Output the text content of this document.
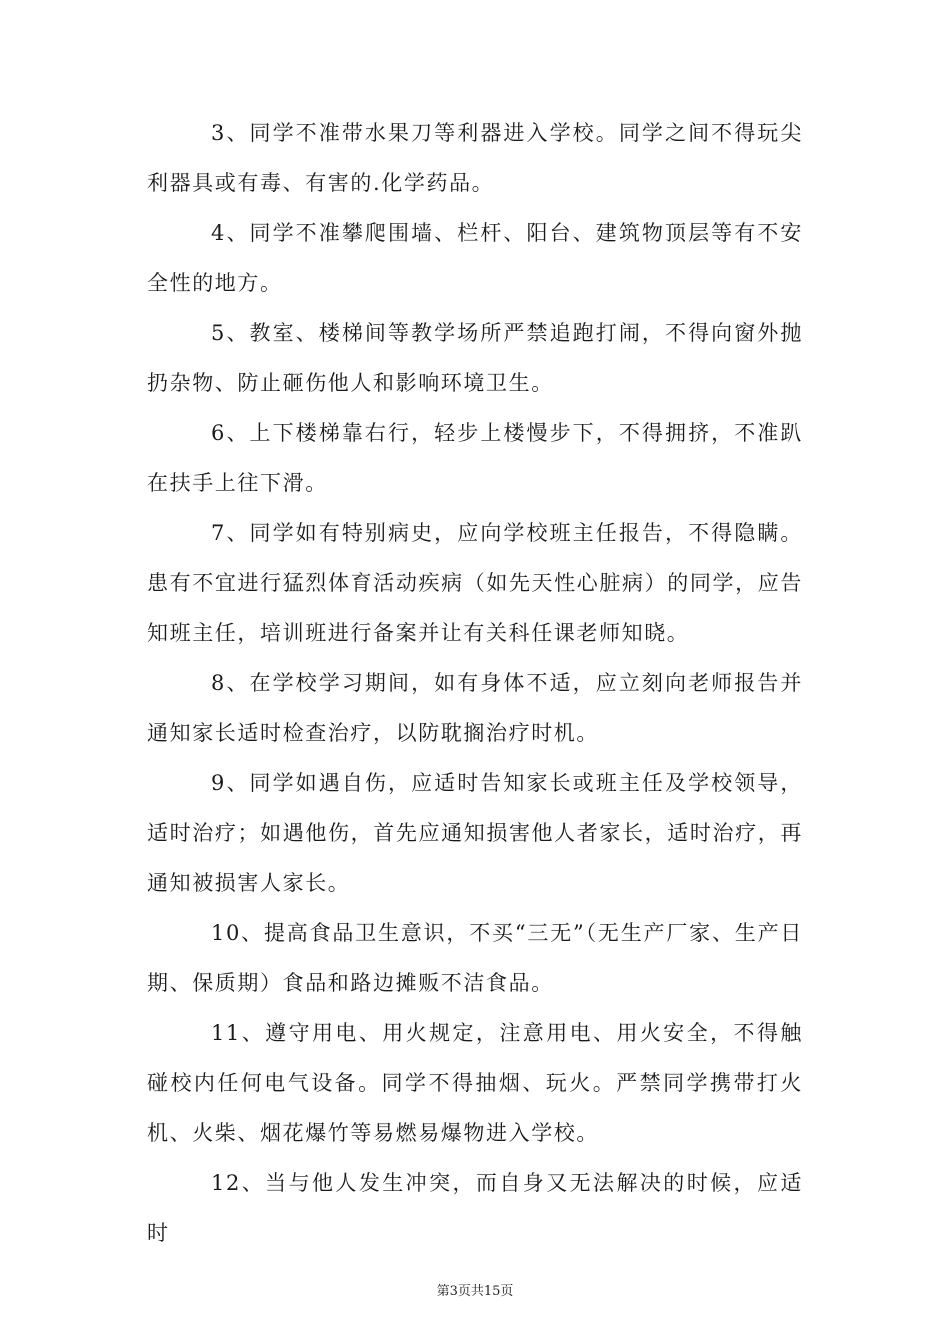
3、同学不准带水果刀等利器进入学校。同学之间不得玩尖利器具或有毒、有害的.化学药品。

4、同学不准攀爬围墙、栏杆、阳台、建筑物顶层等有不安全性的地方。

5、教室、楼梯间等教学场所严禁追跑打闹，不得向窗外抛扔杂物、防止砸伤他人和影响环境卫生。

6、上下楼梯靠右行，轻步上楼慢步下，不得拥挤，不准趴在扶手上往下滑。

7、同学如有特别病史，应向学校班主任报告，不得隐瞒。患有不宜进行猛烈体育活动疾病（如先天性心脏病）的同学，应告知班主任，培训班进行备案并让有关科任课老师知晓。

8、在学校学习期间，如有身体不适，应立刻向老师报告并通知家长适时检查治疗，以防耽搁治疗时机。

9、同学如遇自伤，应适时告知家长或班主任及学校领导，适时治疗；如遇他伤，首先应通知损害他人者家长，适时治疗，再通知被损害人家长。

10、提高食品卫生意识，不买“三无”（无生产厂家、生产日期、保质期）食品和路边摊贩不洁食品。

11、遵守用电、用火规定，注意用电、用火安全，不得触碰校内任何电气设备。同学不得抽烟、玩火。严禁同学携带打火机、火柴、烟花爆竹等易燃易爆物进入学校。

12、当与他人发生冲突，而自身又无法解决的时候，应适时

第3页共15页
